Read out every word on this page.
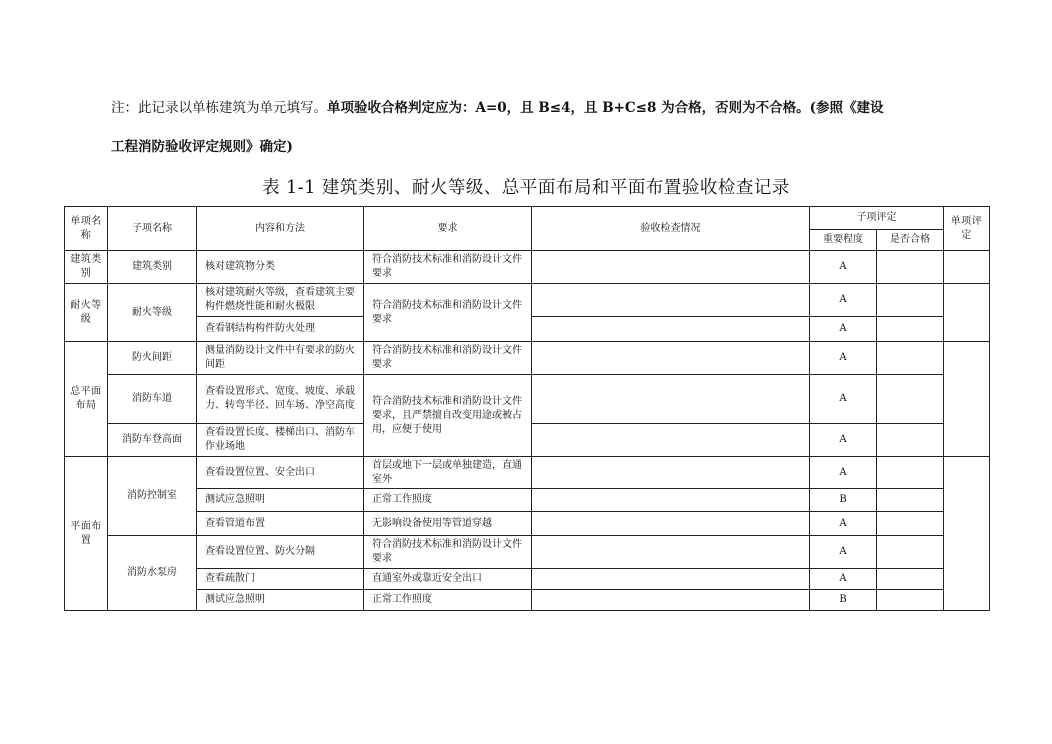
注：此记录以单栋建筑为单元填写。单项验收合格判定应为：A=0，且 B≤4，且 B+C≤8 为合格，否则为不合格。(参照《建设
工程消防验收评定规则》确定)
表 1-1 建筑类别、耐火等级、总平面布局和平面布置验收检查记录
单项名称	子项名称	内容和方法	要求	验收检查情况	子项评定		单项评定
					重要程度	是否合格	
建筑类别	建筑类别	核对建筑物分类	符合消防技术标准和消防设计文件要求		A		
耐火等级	耐火等级	核对建筑耐火等级，查看建筑主要构件燃烧性能和耐火极限	符合消防技术标准和消防设计文件要求		A		
		查看钢结构构件防火处理			A		
总平面布局	防火间距	测量消防设计文件中有要求的防火间距	符合消防技术标准和消防设计文件要求		A		
	消防车道	查看设置形式、宽度、坡度、承载力、转弯半径、回车场、净空高度	符合消防技术标准和消防设计文件要求，且严禁擅自改变用途或被占用，应便于使用		A		
	消防车登高面	查看设置长度、楼梯出口、消防车作业场地			A		
平面布置	消防控制室	查看设置位置、安全出口	首层或地下一层或单独建造，直通室外		A		
		测试应急照明	正常工作照度		B		
		查看管道布置	无影响设备使用等管道穿越		A		
	消防水泵房	查看设置位置、防火分隔	符合消防技术标准和消防设计文件要求		A		
		查看疏散门	直通室外或靠近安全出口		A		
		测试应急照明	正常工作照度		B		
